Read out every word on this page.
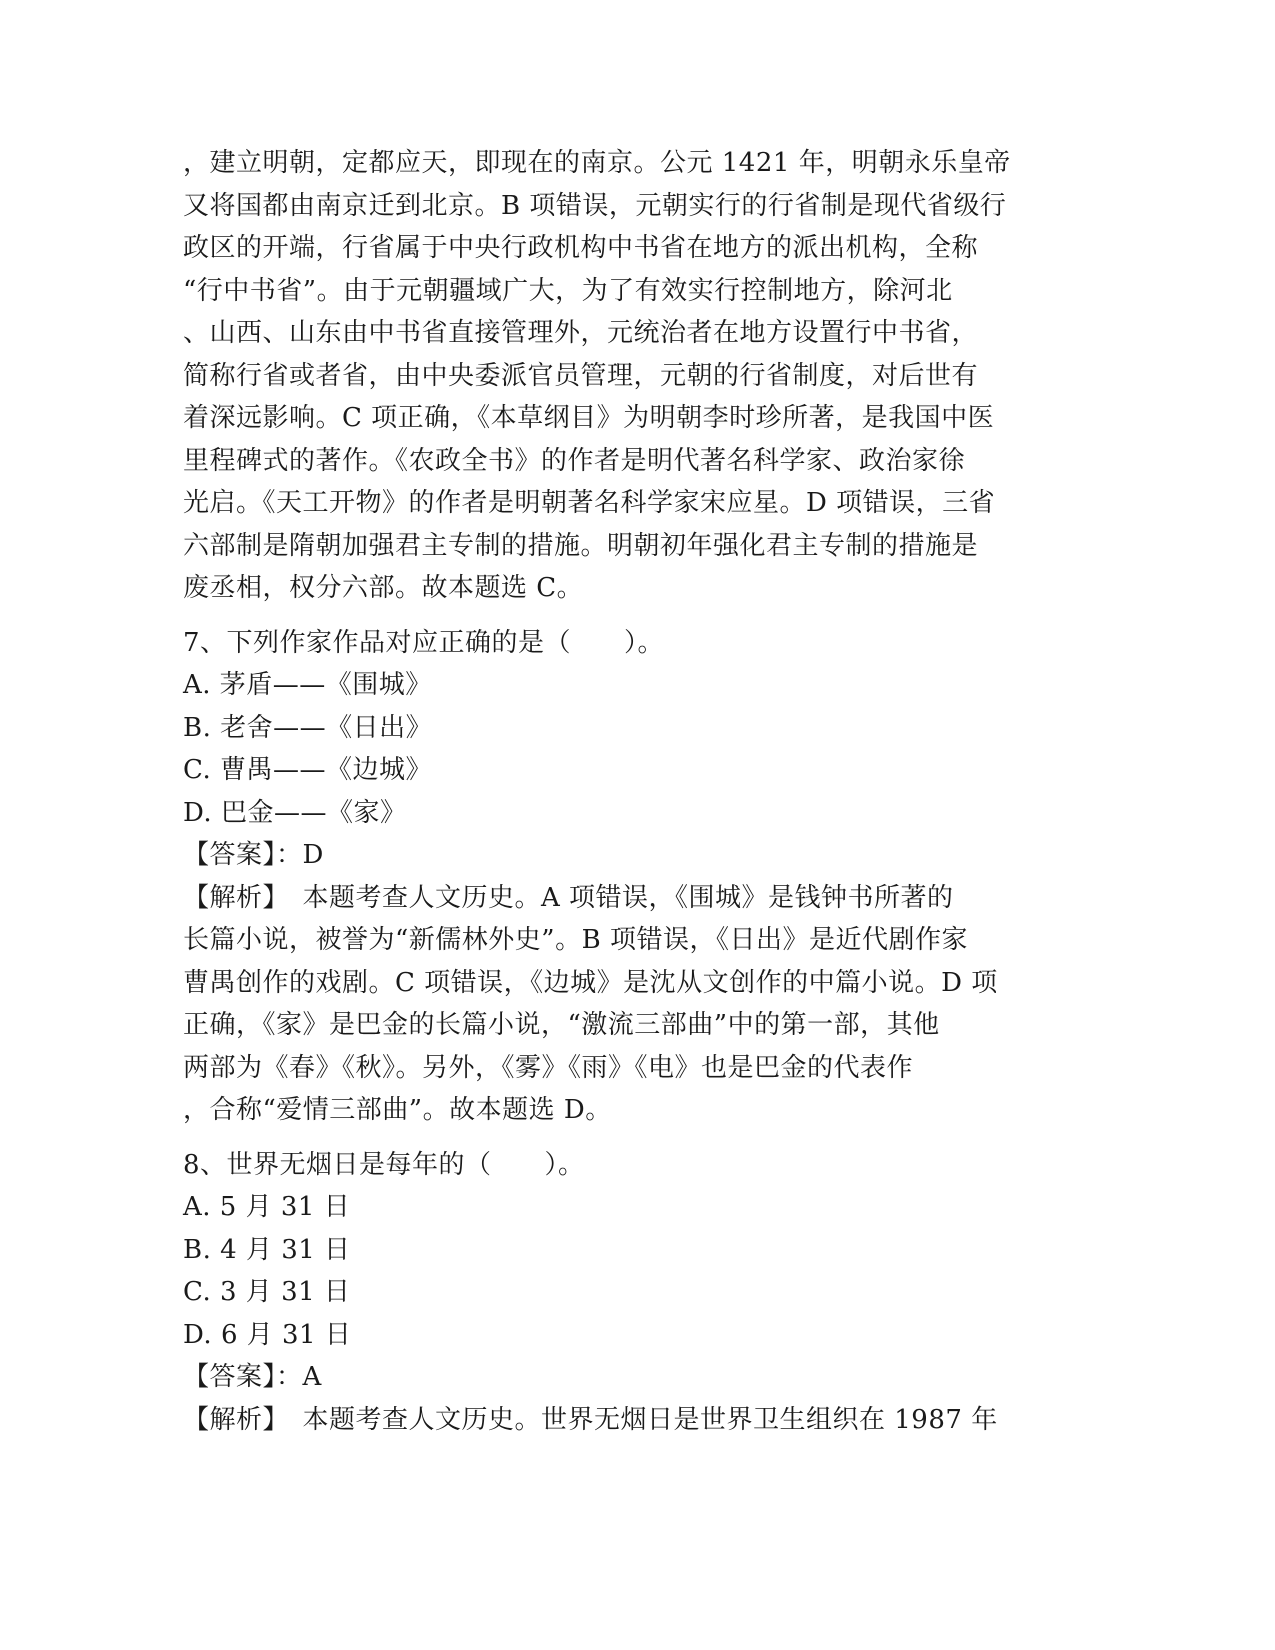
，建立明朝，定都应天，即现在的南京。公元 1421 年，明朝永乐皇帝
又将国都由南京迁到北京。B 项错误，元朝实行的行省制是现代省级行
政区的开端，行省属于中央行政机构中书省在地方的派出机构，全称
“行中书省”。由于元朝疆域广大，为了有效实行控制地方，除河北
、山西、山东由中书省直接管理外，元统治者在地方设置行中书省，
简称行省或者省，由中央委派官员管理，元朝的行省制度，对后世有
着深远影响。C 项正确，《本草纲目》为明朝李时珍所著，是我国中医
里程碑式的著作。《农政全书》的作者是明代著名科学家、政治家徐
光启。《天工开物》的作者是明朝著名科学家宋应星。D 项错误，三省
六部制是隋朝加强君主专制的措施。明朝初年强化君主专制的措施是
废丞相，权分六部。故本题选 C。
7、下列作家作品对应正确的是（　　）。
A. 茅盾——《围城》
B. 老舍——《日出》
C. 曹禺——《边城》
D. 巴金——《家》
【答案】：D
【解析】　本题考查人文历史。A 项错误，《围城》是钱钟书所著的
长篇小说，被誉为“新儒林外史”。B 项错误，《日出》是近代剧作家
曹禺创作的戏剧。C 项错误，《边城》是沈从文创作的中篇小说。D 项
正确，《家》是巴金的长篇小说，“激流三部曲”中的第一部，其他
两部为《春》《秋》。另外，《雾》《雨》《电》也是巴金的代表作
，合称“爱情三部曲”。故本题选 D。
8、世界无烟日是每年的（　　）。
A. 5 月 31 日
B. 4 月 31 日
C. 3 月 31 日
D. 6 月 31 日
【答案】：A
【解析】　本题考查人文历史。世界无烟日是世界卫生组织在 1987 年
